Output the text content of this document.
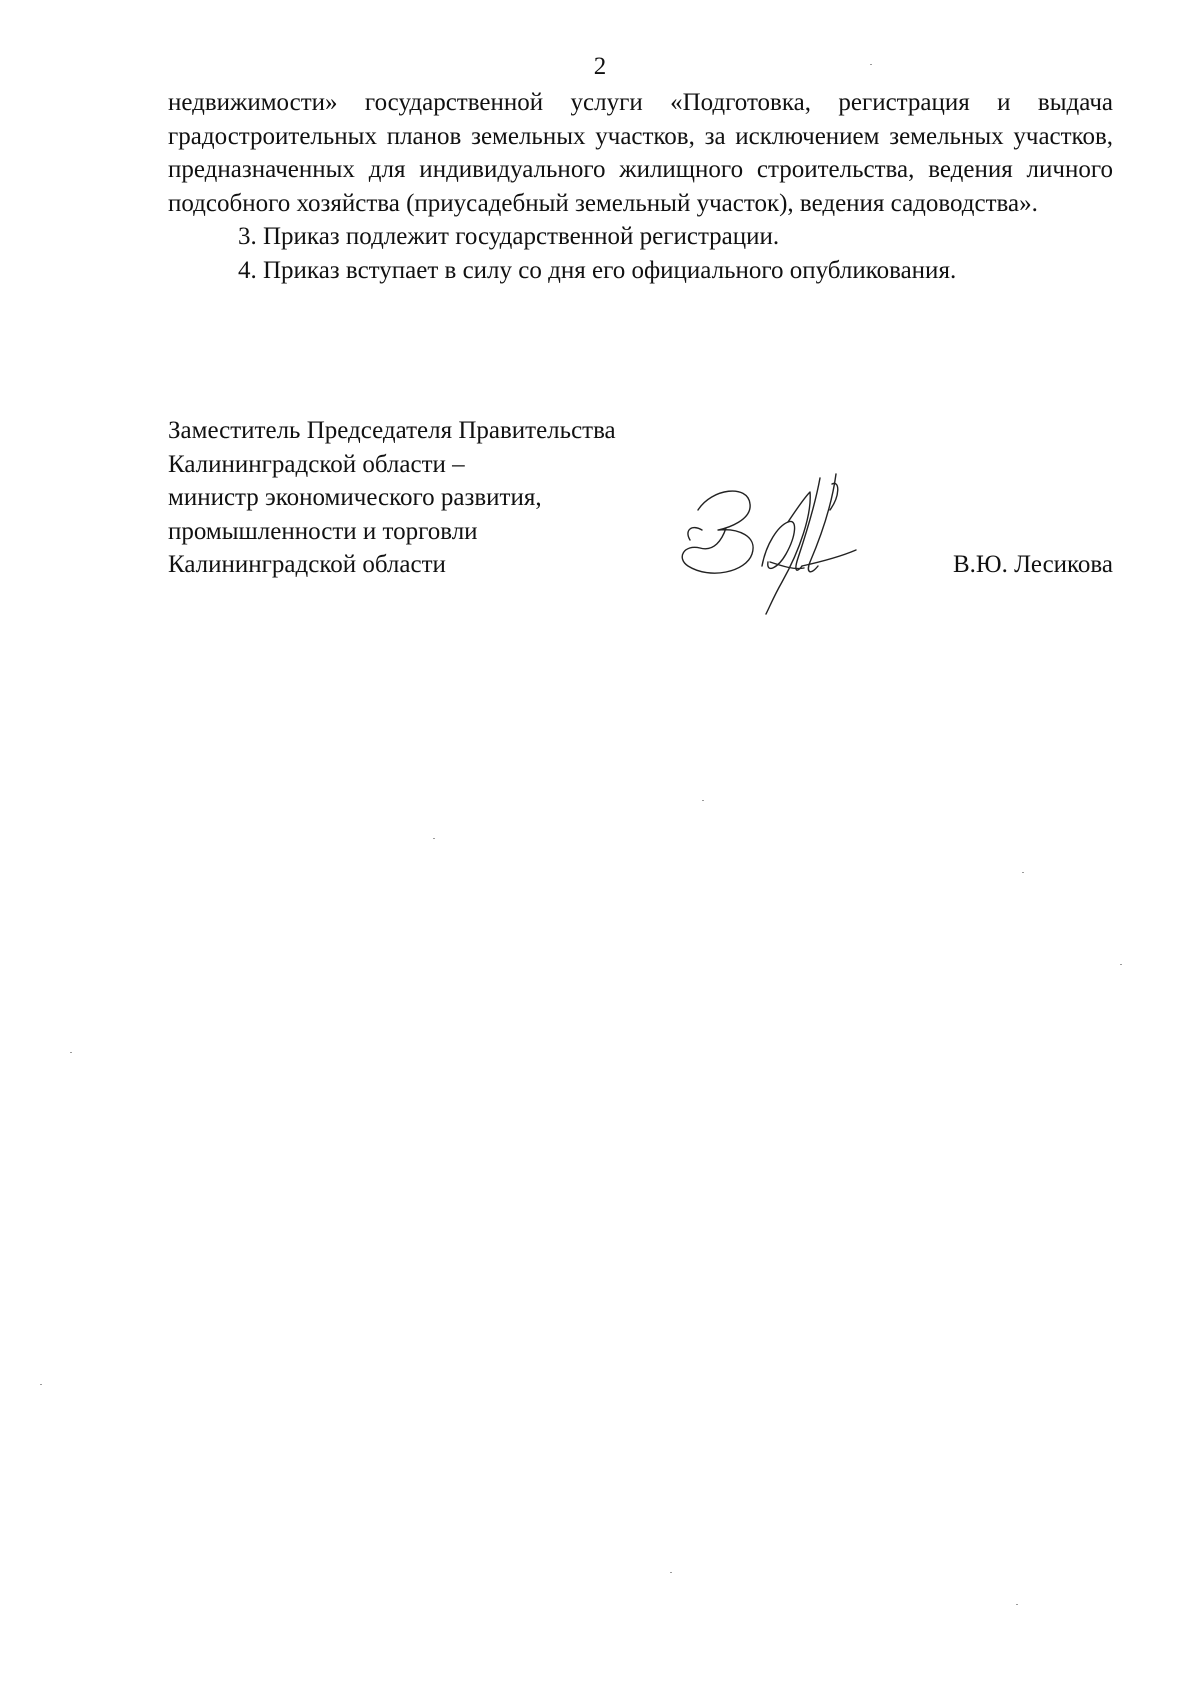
2

недвижимости» государственной услуги «Подготовка, регистрация и выдача градостроительных планов земельных участков, за исключением земельных участков, предназначенных для индивидуального жилищного строительства, ведения личного подсобного хозяйства (приусадебный земельный участок), ведения садоводства».

3. Приказ подлежит государственной регистрации.

4. Приказ вступает в силу со дня его официального опубликования.

Заместитель Председателя Правительства
Калининградской области –
министр экономического развития,
промышленности и торговли
Калининградской области	В.Ю. Лесикова
